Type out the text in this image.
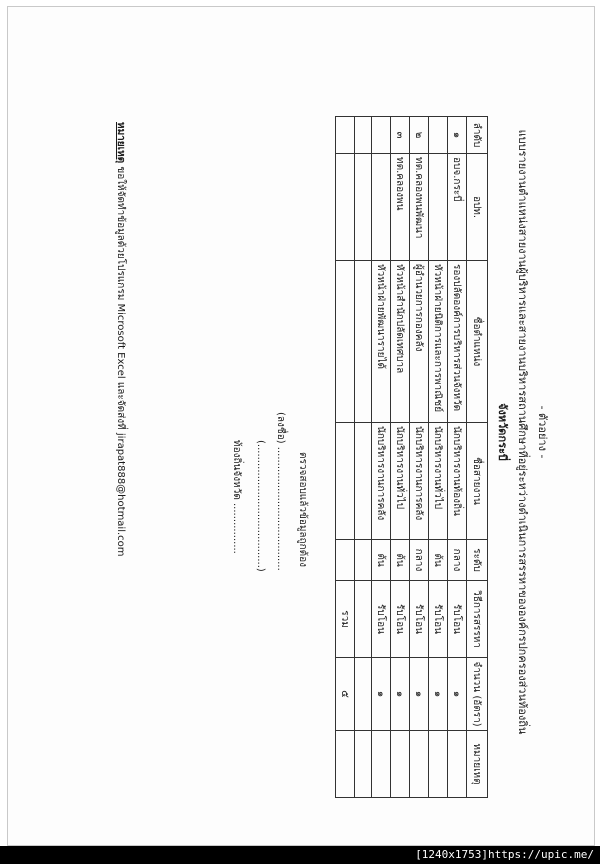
- ตัวอย่าง -
แบบรายงานตำแหน่งสายงานผู้บริหารและสายงานบริหารสถานศึกษาที่อยู่ระหว่างดำเนินการสรรหาขององค์กรปกครองส่วนท้องถิ่น
จังหวัดกระบี่
ลำดับ	อปท.	ชื่อตำแหน่ง	ชื่อสายงาน	ระดับ	วิธีการสรรหา	จำนวน (อัตรา)	หมายเหตุ
๑	อบจ.กระบี่	รองปลัดองค์การบริหารส่วนจังหวัด	นักบริหารงานท้องถิ่น	กลาง	รับโอน	๑	
		หัวหน้าฝ่ายนิติการและการพาณิชย์	นักบริหารงานทั่วไป	ต้น	รับโอน	๑	
๒	ทต.คลองพนพัฒนา	ผู้อำนวยการกองคลัง	นักบริหารงานการคลัง	กลาง	รับโอน	๑	
๓	ทต.คลองพน	หัวหน้าสำนักปลัดเทศบาล	นักบริหารงานทั่วไป	ต้น	รับโอน	๑	
		หัวหน้าฝ่ายพัฒนารายได้	นักบริหารงานการคลัง	ต้น	รับโอน	๑	

					รวม	๕	
ตรวจสอบแล้วข้อมูลถูกต้อง
(ลงชื่อ) .......................................
(.......................................)
ท้องถิ่นจังหวัด ................
หมายเหตุ ขอให้จัดทำข้อมูลด้วยโปรแกรม Microsoft Excel และจัดส่งที่ jirapat888@hotmail.com
[1240x1753]https://upic.me/
